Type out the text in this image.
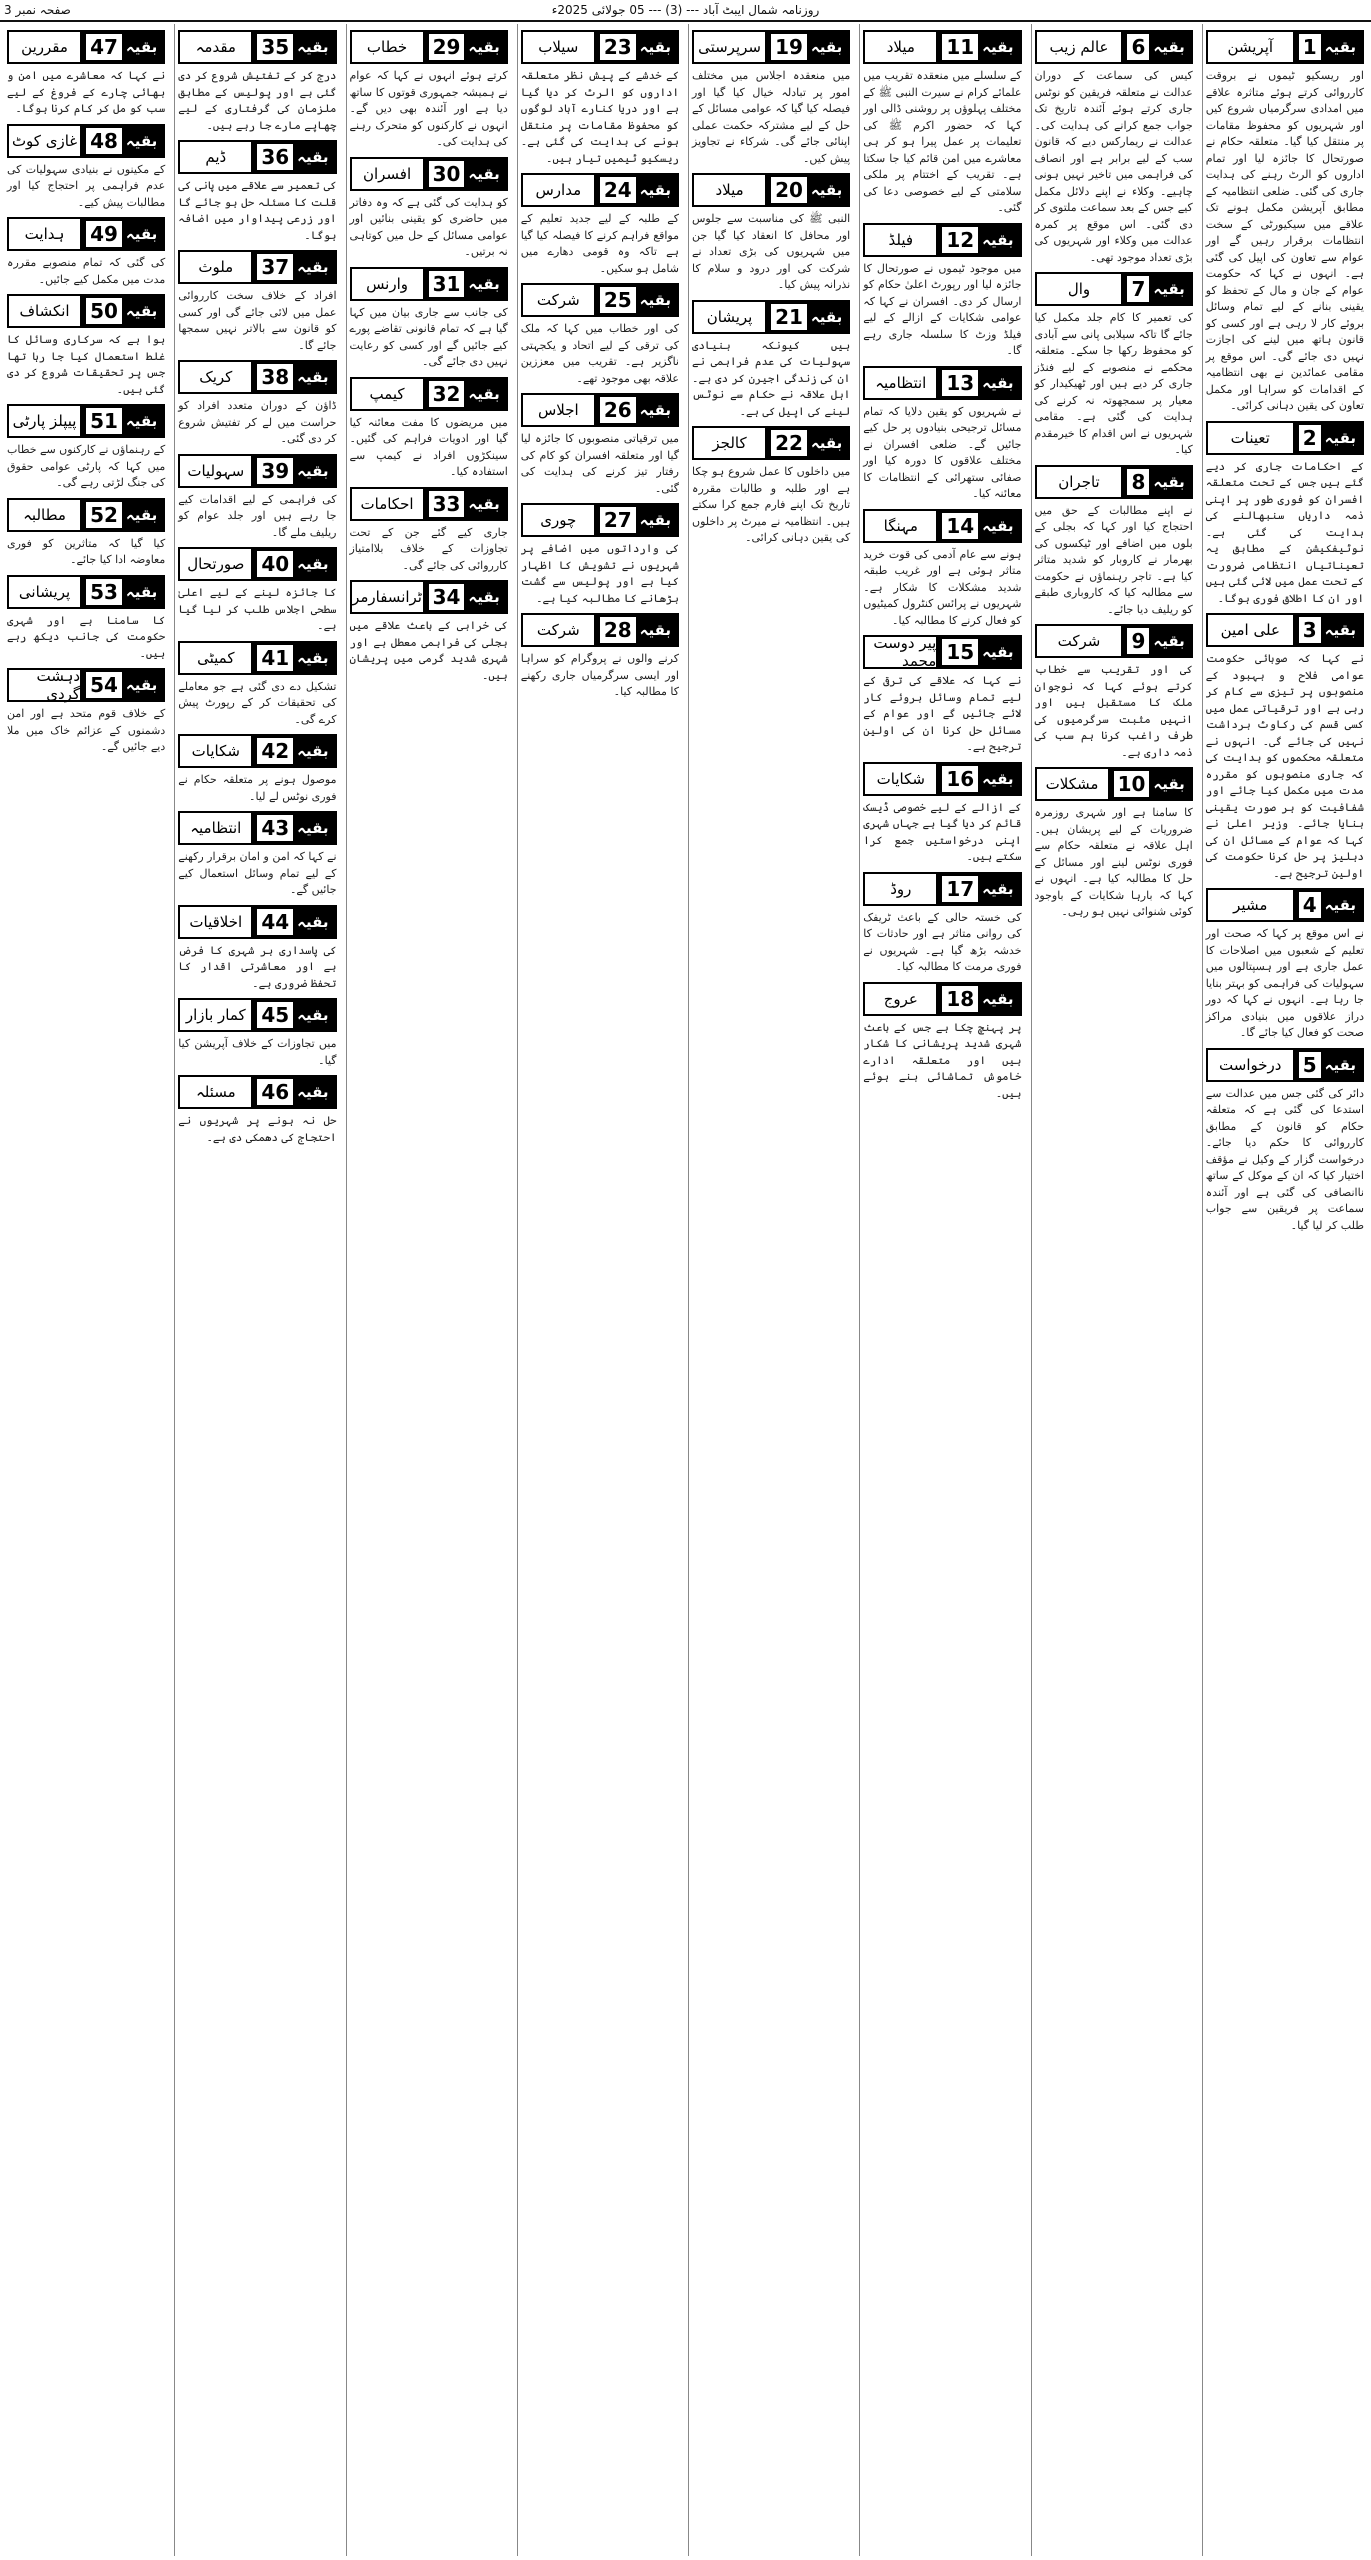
روزنامہ شمال ایبٹ آباد --- (3) --- 05 جولائی 2025ء
صفحہ نمبر 3
بقیہ
1
آپریشن
اور ریسکیو ٹیموں نے بروقت کارروائی کرتے ہوئے متاثرہ علاقے میں امدادی سرگرمیاں شروع کیں اور شہریوں کو محفوظ مقامات پر منتقل کیا گیا۔ متعلقہ حکام نے صورتحال کا جائزہ لیا اور تمام اداروں کو الرٹ رہنے کی ہدایت جاری کی گئی۔ ضلعی انتظامیہ کے مطابق آپریشن مکمل ہونے تک علاقے میں سیکیورٹی کے سخت انتظامات برقرار رہیں گے اور عوام سے تعاون کی اپیل کی گئی ہے۔ انہوں نے کہا کہ حکومت عوام کے جان و مال کے تحفظ کو یقینی بنانے کے لیے تمام وسائل بروئے کار لا رہی ہے اور کسی کو قانون ہاتھ میں لینے کی اجازت نہیں دی جائے گی۔ اس موقع پر مقامی عمائدین نے بھی انتظامیہ کے اقدامات کو سراہا اور مکمل تعاون کی یقین دہانی کرائی۔
بقیہ
2
تعینات
کے احکامات جاری کر دیے گئے ہیں جس کے تحت متعلقہ افسران کو فوری طور پر اپنی ذمہ داریاں سنبھالنے کی ہدایت کی گئی ہے۔ نوٹیفکیشن کے مطابق یہ تعیناتیاں انتظامی ضرورت کے تحت عمل میں لائی گئی ہیں اور ان کا اطلاق فوری ہوگا۔
بقیہ
3
علی امین
نے کہا کہ صوبائی حکومت عوامی فلاح و بہبود کے منصوبوں پر تیزی سے کام کر رہی ہے اور ترقیاتی عمل میں کسی قسم کی رکاوٹ برداشت نہیں کی جائے گی۔ انہوں نے متعلقہ محکموں کو ہدایت کی کہ جاری منصوبوں کو مقررہ مدت میں مکمل کیا جائے اور شفافیت کو ہر صورت یقینی بنایا جائے۔ وزیر اعلیٰ نے کہا کہ عوام کے مسائل ان کی دہلیز پر حل کرنا حکومت کی اولین ترجیح ہے۔
بقیہ
4
مشیر
نے اس موقع پر کہا کہ صحت اور تعلیم کے شعبوں میں اصلاحات کا عمل جاری ہے اور ہسپتالوں میں سہولیات کی فراہمی کو بہتر بنایا جا رہا ہے۔ انہوں نے کہا کہ دور دراز علاقوں میں بنیادی مراکز صحت کو فعال کیا جائے گا۔
بقیہ
5
درخواست
دائر کی گئی جس میں عدالت سے استدعا کی گئی ہے کہ متعلقہ حکام کو قانون کے مطابق کارروائی کا حکم دیا جائے۔ درخواست گزار کے وکیل نے مؤقف اختیار کیا کہ ان کے موکل کے ساتھ ناانصافی کی گئی ہے اور آئندہ سماعت پر فریقین سے جواب طلب کر لیا گیا۔
بقیہ
6
عالم زیب
کیس کی سماعت کے دوران عدالت نے متعلقہ فریقین کو نوٹس جاری کرتے ہوئے آئندہ تاریخ تک جواب جمع کرانے کی ہدایت کی۔ عدالت نے ریمارکس دیے کہ قانون سب کے لیے برابر ہے اور انصاف کی فراہمی میں تاخیر نہیں ہونی چاہیے۔ وکلاء نے اپنے دلائل مکمل کیے جس کے بعد سماعت ملتوی کر دی گئی۔ اس موقع پر کمرہ عدالت میں وکلاء اور شہریوں کی بڑی تعداد موجود تھی۔
بقیہ
7
وال
کی تعمیر کا کام جلد مکمل کیا جائے گا تاکہ سیلابی پانی سے آبادی کو محفوظ رکھا جا سکے۔ متعلقہ محکمے نے منصوبے کے لیے فنڈز جاری کر دیے ہیں اور ٹھیکیدار کو معیار پر سمجھوتہ نہ کرنے کی ہدایت کی گئی ہے۔ مقامی شہریوں نے اس اقدام کا خیرمقدم کیا۔
بقیہ
8
تاجران
نے اپنے مطالبات کے حق میں احتجاج کیا اور کہا کہ بجلی کے بلوں میں اضافے اور ٹیکسوں کی بھرمار نے کاروبار کو شدید متاثر کیا ہے۔ تاجر رہنماؤں نے حکومت سے مطالبہ کیا کہ کاروباری طبقے کو ریلیف دیا جائے۔
بقیہ
9
شرکت
کی اور تقریب سے خطاب کرتے ہوئے کہا کہ نوجوان ملک کا مستقبل ہیں اور انہیں مثبت سرگرمیوں کی طرف راغب کرنا ہم سب کی ذمہ داری ہے۔
بقیہ
10
مشکلات
کا سامنا ہے اور شہری روزمرہ ضروریات کے لیے پریشان ہیں۔ اہل علاقہ نے متعلقہ حکام سے فوری نوٹس لینے اور مسائل کے حل کا مطالبہ کیا ہے۔ انہوں نے کہا کہ بارہا شکایات کے باوجود کوئی شنوائی نہیں ہو رہی۔
بقیہ
11
میلاد
کے سلسلے میں منعقدہ تقریب میں علمائے کرام نے سیرت النبی ﷺ کے مختلف پہلوؤں پر روشنی ڈالی اور کہا کہ حضور اکرم ﷺ کی تعلیمات پر عمل پیرا ہو کر ہی معاشرے میں امن قائم کیا جا سکتا ہے۔ تقریب کے اختتام پر ملکی سلامتی کے لیے خصوصی دعا کی گئی۔
بقیہ
12
فیلڈ
میں موجود ٹیموں نے صورتحال کا جائزہ لیا اور رپورٹ اعلیٰ حکام کو ارسال کر دی۔ افسران نے کہا کہ عوامی شکایات کے ازالے کے لیے فیلڈ وزٹ کا سلسلہ جاری رہے گا۔
بقیہ
13
انتظامیہ
نے شہریوں کو یقین دلایا کہ تمام مسائل ترجیحی بنیادوں پر حل کیے جائیں گے۔ ضلعی افسران نے مختلف علاقوں کا دورہ کیا اور صفائی ستھرائی کے انتظامات کا معائنہ کیا۔
بقیہ
14
مہنگا
ہونے سے عام آدمی کی قوت خرید متاثر ہوئی ہے اور غریب طبقہ شدید مشکلات کا شکار ہے۔ شہریوں نے پرائس کنٹرول کمیٹیوں کو فعال کرنے کا مطالبہ کیا۔
بقیہ
15
پیر دوست محمد
نے کہا کہ علاقے کی ترقی کے لیے تمام وسائل بروئے کار لائے جائیں گے اور عوام کے مسائل حل کرنا ان کی اولین ترجیح ہے۔
بقیہ
16
شکایات
کے ازالے کے لیے خصوصی ڈیسک قائم کر دیا گیا ہے جہاں شہری اپنی درخواستیں جمع کرا سکتے ہیں۔
بقیہ
17
روڈ
کی خستہ حالی کے باعث ٹریفک کی روانی متاثر ہے اور حادثات کا خدشہ بڑھ گیا ہے۔ شہریوں نے فوری مرمت کا مطالبہ کیا۔
بقیہ
18
عروج
پر پہنچ چکا ہے جس کے باعث شہری شدید پریشانی کا شکار ہیں اور متعلقہ ادارے خاموش تماشائی بنے ہوئے ہیں۔
بقیہ
19
سرپرستی
میں منعقدہ اجلاس میں مختلف امور پر تبادلہ خیال کیا گیا اور فیصلہ کیا گیا کہ عوامی مسائل کے حل کے لیے مشترکہ حکمت عملی اپنائی جائے گی۔ شرکاء نے تجاویز پیش کیں۔
بقیہ
20
میلاد
النبی ﷺ کی مناسبت سے جلوس اور محافل کا انعقاد کیا گیا جن میں شہریوں کی بڑی تعداد نے شرکت کی اور درود و سلام کا نذرانہ پیش کیا۔
بقیہ
21
پریشان
ہیں کیونکہ بنیادی سہولیات کی عدم فراہمی نے ان کی زندگی اجیرن کر دی ہے۔ اہل علاقہ نے حکام سے نوٹس لینے کی اپیل کی ہے۔
بقیہ
22
کالجز
میں داخلوں کا عمل شروع ہو چکا ہے اور طلبہ و طالبات مقررہ تاریخ تک اپنے فارم جمع کرا سکتے ہیں۔ انتظامیہ نے میرٹ پر داخلوں کی یقین دہانی کرائی۔
بقیہ
23
سیلاب
کے خدشے کے پیش نظر متعلقہ اداروں کو الرٹ کر دیا گیا ہے اور دریا کنارے آباد لوگوں کو محفوظ مقامات پر منتقل ہونے کی ہدایت کی گئی ہے۔ ریسکیو ٹیمیں تیار ہیں۔
بقیہ
24
مدارس
کے طلبہ کے لیے جدید تعلیم کے مواقع فراہم کرنے کا فیصلہ کیا گیا ہے تاکہ وہ قومی دھارے میں شامل ہو سکیں۔
بقیہ
25
شرکت
کی اور خطاب میں کہا کہ ملک کی ترقی کے لیے اتحاد و یکجہتی ناگزیر ہے۔ تقریب میں معززین علاقہ بھی موجود تھے۔
بقیہ
26
اجلاس
میں ترقیاتی منصوبوں کا جائزہ لیا گیا اور متعلقہ افسران کو کام کی رفتار تیز کرنے کی ہدایت کی گئی۔
بقیہ
27
چوری
کی وارداتوں میں اضافے پر شہریوں نے تشویش کا اظہار کیا ہے اور پولیس سے گشت بڑھانے کا مطالبہ کیا ہے۔
بقیہ
28
شرکت
کرنے والوں نے پروگرام کو سراہا اور ایسی سرگرمیاں جاری رکھنے کا مطالبہ کیا۔
بقیہ
29
خطاب
کرتے ہوئے انہوں نے کہا کہ عوام نے ہمیشہ جمہوری قوتوں کا ساتھ دیا ہے اور آئندہ بھی دیں گے۔ انہوں نے کارکنوں کو متحرک رہنے کی ہدایت کی۔
بقیہ
30
افسران
کو ہدایت کی گئی ہے کہ وہ دفاتر میں حاضری کو یقینی بنائیں اور عوامی مسائل کے حل میں کوتاہی نہ برتیں۔
بقیہ
31
وارنس
کی جانب سے جاری بیان میں کہا گیا ہے کہ تمام قانونی تقاضے پورے کیے جائیں گے اور کسی کو رعایت نہیں دی جائے گی۔
بقیہ
32
کیمپ
میں مریضوں کا مفت معائنہ کیا گیا اور ادویات فراہم کی گئیں۔ سینکڑوں افراد نے کیمپ سے استفادہ کیا۔
بقیہ
33
احکامات
جاری کیے گئے جن کے تحت تجاوزات کے خلاف بلاامتیاز کارروائی کی جائے گی۔
بقیہ
34
ٹرانسفارمر
کی خرابی کے باعث علاقے میں بجلی کی فراہمی معطل ہے اور شہری شدید گرمی میں پریشان ہیں۔
بقیہ
35
مقدمہ
درج کر کے تفتیش شروع کر دی گئی ہے اور پولیس کے مطابق ملزمان کی گرفتاری کے لیے چھاپے مارے جا رہے ہیں۔
بقیہ
36
ڈیم
کی تعمیر سے علاقے میں پانی کی قلت کا مسئلہ حل ہو جائے گا اور زرعی پیداوار میں اضافہ ہوگا۔
بقیہ
37
ملوث
افراد کے خلاف سخت کارروائی عمل میں لائی جائے گی اور کسی کو قانون سے بالاتر نہیں سمجھا جائے گا۔
بقیہ
38
کریک
ڈاؤن کے دوران متعدد افراد کو حراست میں لے کر تفتیش شروع کر دی گئی۔
بقیہ
39
سہولیات
کی فراہمی کے لیے اقدامات کیے جا رہے ہیں اور جلد عوام کو ریلیف ملے گا۔
بقیہ
40
صورتحال
کا جائزہ لینے کے لیے اعلیٰ سطحی اجلاس طلب کر لیا گیا ہے۔
بقیہ
41
کمیٹی
تشکیل دے دی گئی ہے جو معاملے کی تحقیقات کر کے رپورٹ پیش کرے گی۔
بقیہ
42
شکایات
موصول ہونے پر متعلقہ حکام نے فوری نوٹس لے لیا۔
بقیہ
43
انتظامیہ
نے کہا کہ امن و امان برقرار رکھنے کے لیے تمام وسائل استعمال کیے جائیں گے۔
بقیہ
44
اخلاقیات
کی پاسداری ہر شہری کا فرض ہے اور معاشرتی اقدار کا تحفظ ضروری ہے۔
بقیہ
45
کمار بازار
میں تجاوزات کے خلاف آپریشن کیا گیا۔
بقیہ
46
مسئلہ
حل نہ ہونے پر شہریوں نے احتجاج کی دھمکی دی ہے۔
بقیہ
47
مقررین
نے کہا کہ معاشرے میں امن و بھائی چارے کے فروغ کے لیے سب کو مل کر کام کرنا ہوگا۔
بقیہ
48
غازی کوٹ
کے مکینوں نے بنیادی سہولیات کی عدم فراہمی پر احتجاج کیا اور مطالبات پیش کیے۔
بقیہ
49
ہدایت
کی گئی کہ تمام منصوبے مقررہ مدت میں مکمل کیے جائیں۔
بقیہ
50
انکشاف
ہوا ہے کہ سرکاری وسائل کا غلط استعمال کیا جا رہا تھا جس پر تحقیقات شروع کر دی گئی ہیں۔
بقیہ
51
پیپلز پارٹی
کے رہنماؤں نے کارکنوں سے خطاب میں کہا کہ پارٹی عوامی حقوق کی جنگ لڑتی رہے گی۔
بقیہ
52
مطالبہ
کیا گیا کہ متاثرین کو فوری معاوضہ ادا کیا جائے۔
بقیہ
53
پریشانی
کا سامنا ہے اور شہری حکومت کی جانب دیکھ رہے ہیں۔
بقیہ
54
دہشت گردی
کے خلاف قوم متحد ہے اور امن دشمنوں کے عزائم خاک میں ملا دیے جائیں گے۔
